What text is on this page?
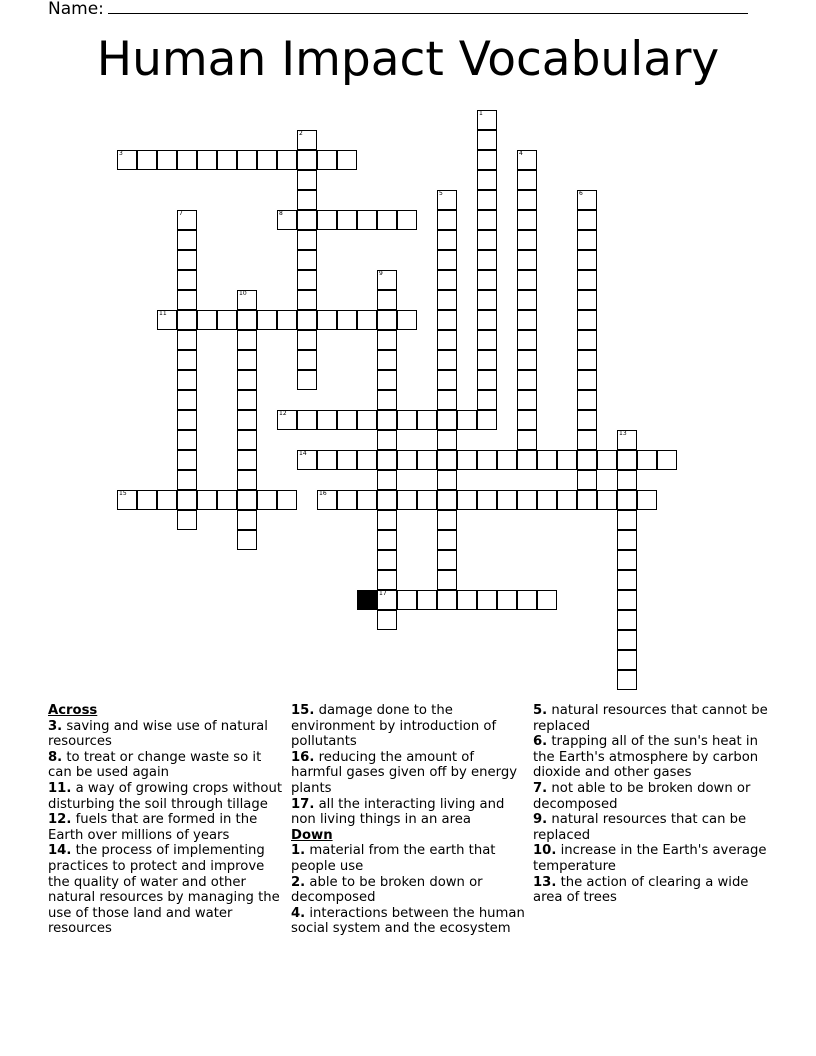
Name:
Human Impact Vocabulary
3
8
11
12
14
15	16
17
1
2
4
5	6
7
9
10
13
Across
3. saving and wise use of natural resources
8. to treat or change waste so it can be used again
11. a way of growing crops without disturbing the soil through tillage
12. fuels that are formed in the Earth over millions of years
14. the process of implementing practices to protect and improve the quality of water and other natural resources by managing the use of those land and water resources
15. damage done to the environment by introduction of pollutants
16. reducing the amount of harmful gases given off by energy plants
17. all the interacting living and non living things in an area
Down
1. material from the earth that people use
2. able to be broken down or decomposed
4. interactions between the human social system and the ecosystem
5. natural resources that cannot be replaced
6. trapping all of the sun's heat in the Earth's atmosphere by carbon dioxide and other gases
7. not able to be broken down or decomposed
9. natural resources that can be replaced
10. increase in the Earth's average temperature
13. the action of clearing a wide area of trees
